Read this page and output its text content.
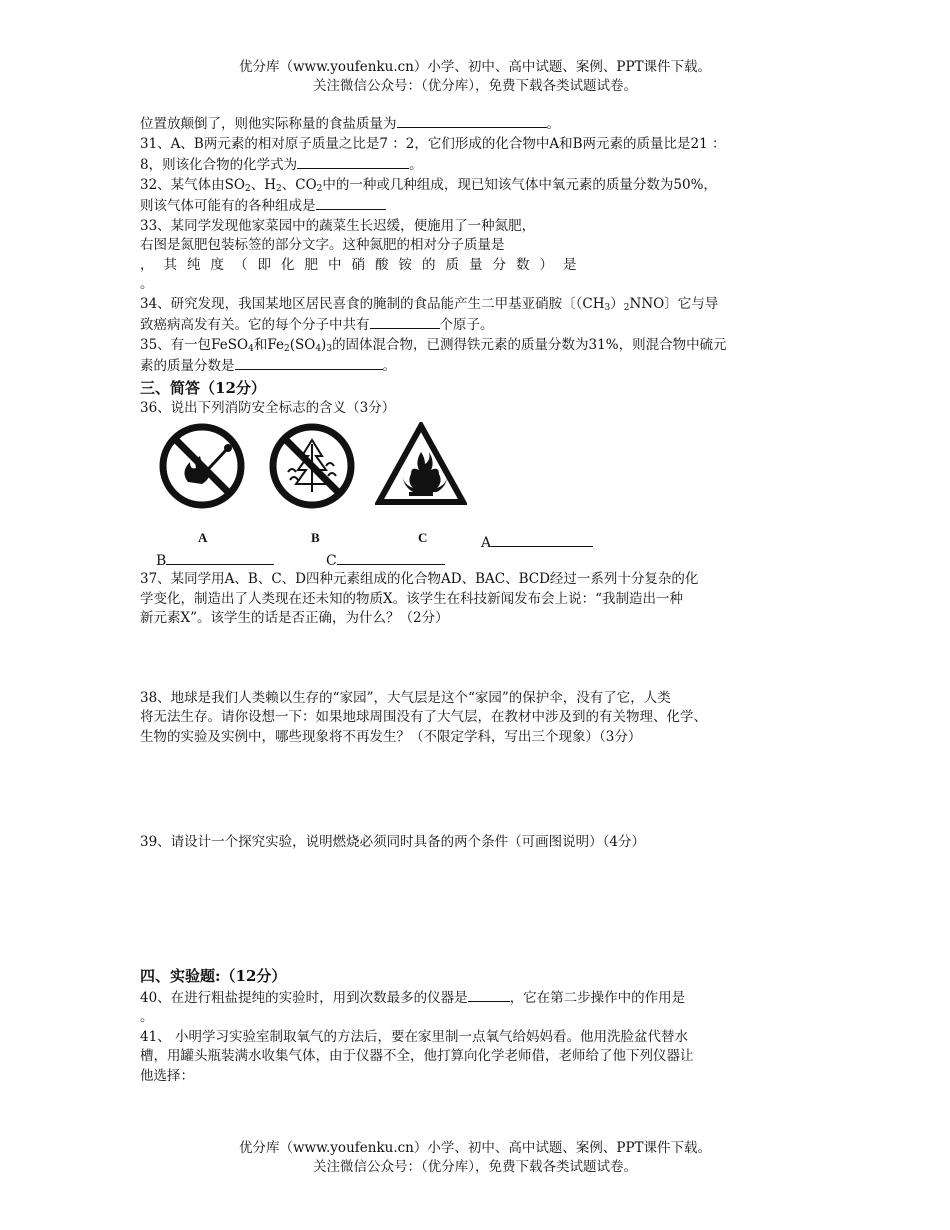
优分库（www.youfenku.cn）小学、初中、高中试题、案例、PPT课件下载。
关注微信公众号：（优分库），免费下载各类试题试卷。

位置放颠倒了，则他实际称量的食盐质量为	。

31、A、B两元素的相对原子质量之比是7 ：2，它们形成的化合物中A和B两元素的质量比是21 ：
8，则该化合物的化学式为	。

32、某气体由$SO_2$、$H_2$、$CO_2$中的一种或几种组成，现已知该气体中氧元素的质量分数为50%，
则该气体可能有的各种组成是

33、某同学发现他家菜园中的蔬菜生长迟缓，便施用了一种氮肥，
右图是氮肥包装标签的部分文字。这种氮肥的相对分子质量是
，其纯度（即化肥中硝酸铵的质量分数）是
。

34、研究发现，我国某地区居民喜食的腌制的食品能产生二甲基亚硝胺〔$(CH_3)_2NNO$〕它与导
致癌病高发有关。它的每个分子中共有	个原子。

35、有一包FeSO$_4$和$Fe_2(SO_4)_3$的固体混合物，已测得铁元素的质量分数为31%，则混合物中硫元
素的质量分数是	。

三、简答（12分）

36、说出下列消防安全标志的含义（3分）

A	B	C	A
B	C

37、某同学用A、B、C、D四种元素组成的化合物AD、BAC、BCD经过一系列十分复杂的化
学变化，制造出了人类现在还未知的物质X。该学生在科技新闻发布会上说：“我制造出一种
新元素X”。该学生的话是否正确，为什么？（2分）

38、地球是我们人类赖以生存的“家园”，大气层是这个“家园”的保护伞，没有了它，人类
将无法生存。请你设想一下：如果地球周围没有了大气层，在教材中涉及到的有关物理、化学、
生物的实验及实例中，哪些现象将不再发生？（不限定学科，写出三个现象）（3分）

39、请设计一个探究实验，说明燃烧必须同时具备的两个条件（可画图说明）（4分）

四、实验题:（12分）

40、在进行粗盐提纯的实验时，用到次数最多的仪器是	，它在第二步操作中的作用是
。

41、 小明学习实验室制取氧气的方法后，要在家里制一点氧气给妈妈看。他用洗脸盆代替水
槽，用罐头瓶装满水收集气体，由于仪器不全，他打算向化学老师借，老师给了他下列仪器让
他选择：

优分库（www.youfenku.cn）小学、初中、高中试题、案例、PPT课件下载。
关注微信公众号：（优分库），免费下载各类试题试卷。
